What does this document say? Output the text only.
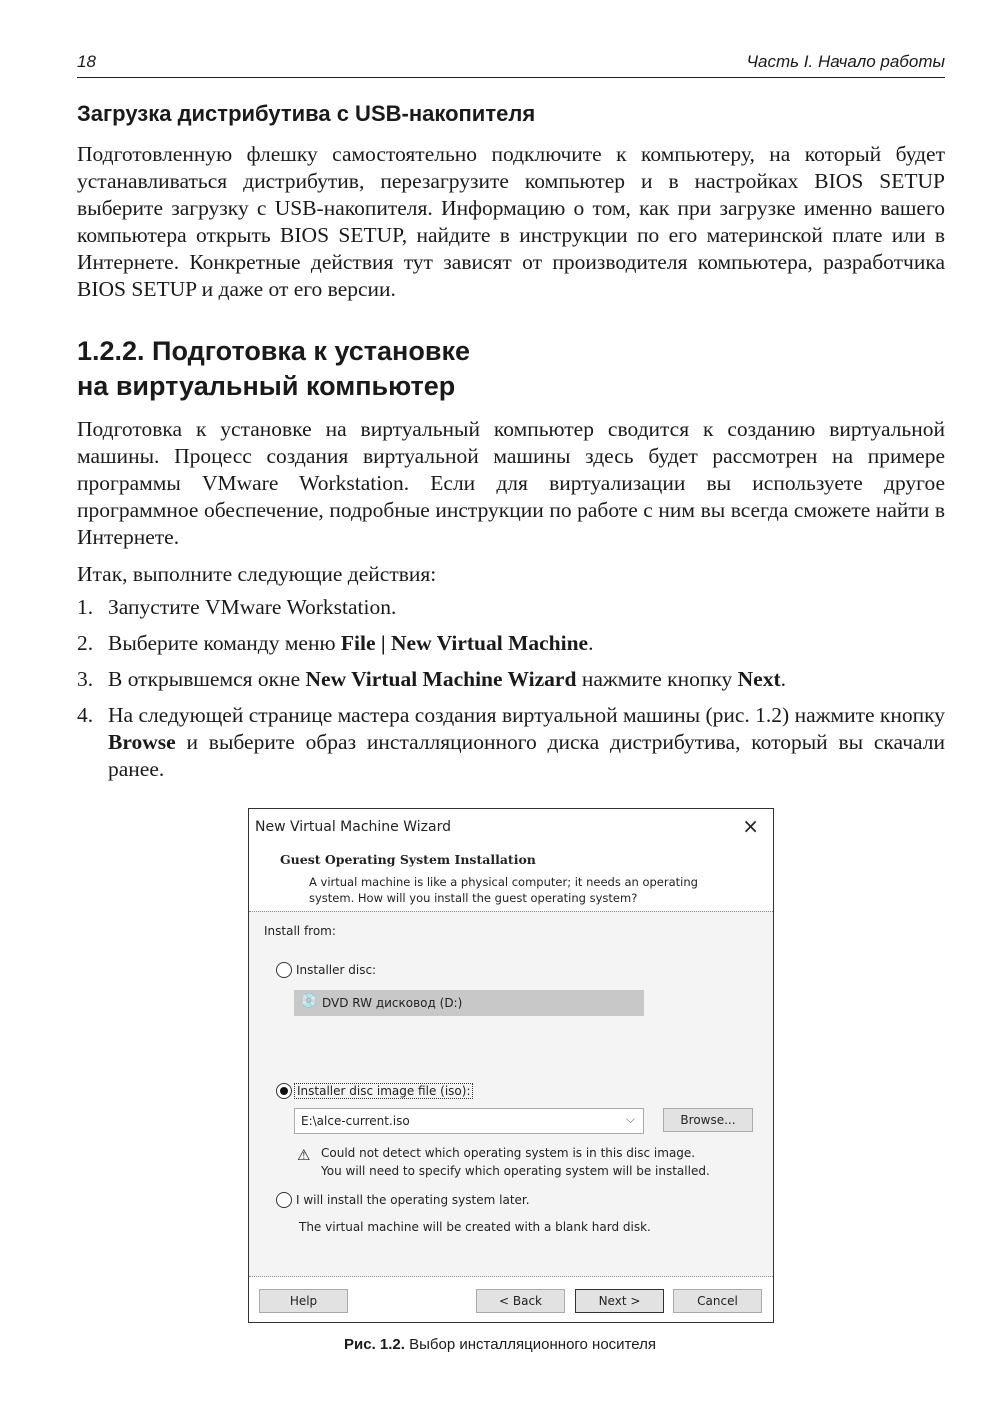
18	Часть I. Начало работы
Загрузка дистрибутива с USB-накопителя
Подготовленную флешку самостоятельно подключите к компьютеру, на который будет устанавливаться дистрибутив, перезагрузите компьютер и в настройках BIOS SETUP выберите загрузку с USB-накопителя. Информацию о том, как при загрузке именно вашего компьютера открыть BIOS SETUP, найдите в инструкции по его материнской плате или в Интернете. Конкретные действия тут зависят от производителя компьютера, разработчика BIOS SETUP и даже от его версии.
1.2.2. Подготовка к установке
на виртуальный компьютер
Подготовка к установке на виртуальный компьютер сводится к созданию виртуальной машины. Процесс создания виртуальной машины здесь будет рассмотрен на примере программы VMware Workstation. Если для виртуализации вы используете другое программное обеспечение, подробные инструкции по работе с ним вы всегда сможете найти в Интернете.
Итак, выполните следующие действия:
1. Запустите VMware Workstation.
2. Выберите команду меню File | New Virtual Machine.
3. В открывшемся окне New Virtual Machine Wizard нажмите кнопку Next.
4. На следующей странице мастера создания виртуальной машины (рис. 1.2) нажмите кнопку Browse и выберите образ инсталляционного диска дистрибутива, который вы скачали ранее.
New Virtual Machine Wizard	×
Guest Operating System Installation
A virtual machine is like a physical computer; it needs an operating system. How will you install the guest operating system?
Install from:
Installer disc:
💿 DVD RW дисковод (D:)
Installer disc image file (iso):
E:\alce-current.iso	⌵	Browse...
⚠ Could not detect which operating system is in this disc image.
You will need to specify which operating system will be installed.
I will install the operating system later.
The virtual machine will be created with a blank hard disk.
Help	< Back	Next >	Cancel
Рис. 1.2. Выбор инсталляционного носителя
